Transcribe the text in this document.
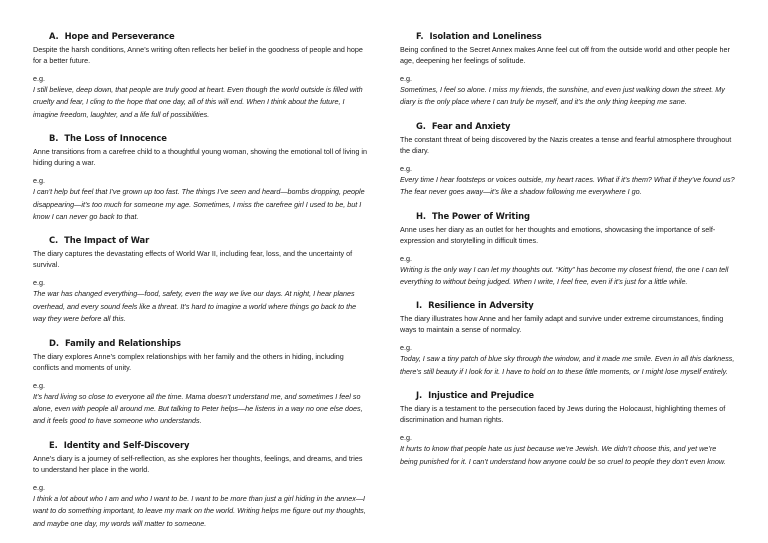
A. Hope and Perseverance

Despite the harsh conditions, Anne’s writing often reflects her belief in the goodness of people and hope for a better future.

e.g.

I still believe, deep down, that people are truly good at heart. Even though the world outside is filled with cruelty and fear, I cling to the hope that one day, all of this will end. When I think about the future, I imagine freedom, laughter, and a life full of possibilities.

B. The Loss of Innocence

Anne transitions from a carefree child to a thoughtful young woman, showing the emotional toll of living in hiding during a war.

e.g.

I can’t help but feel that I’ve grown up too fast. The things I’ve seen and heard—bombs dropping, people disappearing—it’s too much for someone my age. Sometimes, I miss the carefree girl I used to be, but I know I can never go back to that.

C. The Impact of War

The diary captures the devastating effects of World War II, including fear, loss, and the uncertainty of survival.

e.g.

The war has changed everything—food, safety, even the way we live our days. At night, I hear planes overhead, and every sound feels like a threat. It’s hard to imagine a world where things go back to the way they were before all this.

D. Family and Relationships

The diary explores Anne’s complex relationships with her family and the others in hiding, including conflicts and moments of unity.

e.g.

It’s hard living so close to everyone all the time. Mama doesn’t understand me, and sometimes I feel so alone, even with people all around me. But talking to Peter helps—he listens in a way no one else does, and it feels good to have someone who understands.

E. Identity and Self-Discovery

Anne’s diary is a journey of self-reflection, as she explores her thoughts, feelings, and dreams, and tries to understand her place in the world.

e.g.

I think a lot about who I am and who I want to be. I want to be more than just a girl hiding in the annex—I want to do something important, to leave my mark on the world. Writing helps me figure out my thoughts, and maybe one day, my words will matter to someone.

F. Isolation and Loneliness

Being confined to the Secret Annex makes Anne feel cut off from the outside world and other people her age, deepening her feelings of solitude.

e.g.

Sometimes, I feel so alone. I miss my friends, the sunshine, and even just walking down the street. My diary is the only place where I can truly be myself, and it’s the only thing keeping me sane.

G. Fear and Anxiety

The constant threat of being discovered by the Nazis creates a tense and fearful atmosphere throughout the diary.

e.g.

Every time I hear footsteps or voices outside, my heart races. What if it’s them? What if they’ve found us? The fear never goes away—it’s like a shadow following me everywhere I go.

H. The Power of Writing

Anne uses her diary as an outlet for her thoughts and emotions, showcasing the importance of self-expression and storytelling in difficult times.

e.g.

Writing is the only way I can let my thoughts out. “Kitty” has become my closest friend, the one I can tell everything to without being judged. When I write, I feel free, even if it’s just for a little while.

I. Resilience in Adversity

The diary illustrates how Anne and her family adapt and survive under extreme circumstances, finding ways to maintain a sense of normalcy.

e.g.

Today, I saw a tiny patch of blue sky through the window, and it made me smile. Even in all this darkness, there’s still beauty if I look for it. I have to hold on to these little moments, or I might lose myself entirely.

J. Injustice and Prejudice

The diary is a testament to the persecution faced by Jews during the Holocaust, highlighting themes of discrimination and human rights.

e.g.

It hurts to know that people hate us just because we’re Jewish. We didn’t choose this, and yet we’re being punished for it. I can’t understand how anyone could be so cruel to people they don’t even know.
